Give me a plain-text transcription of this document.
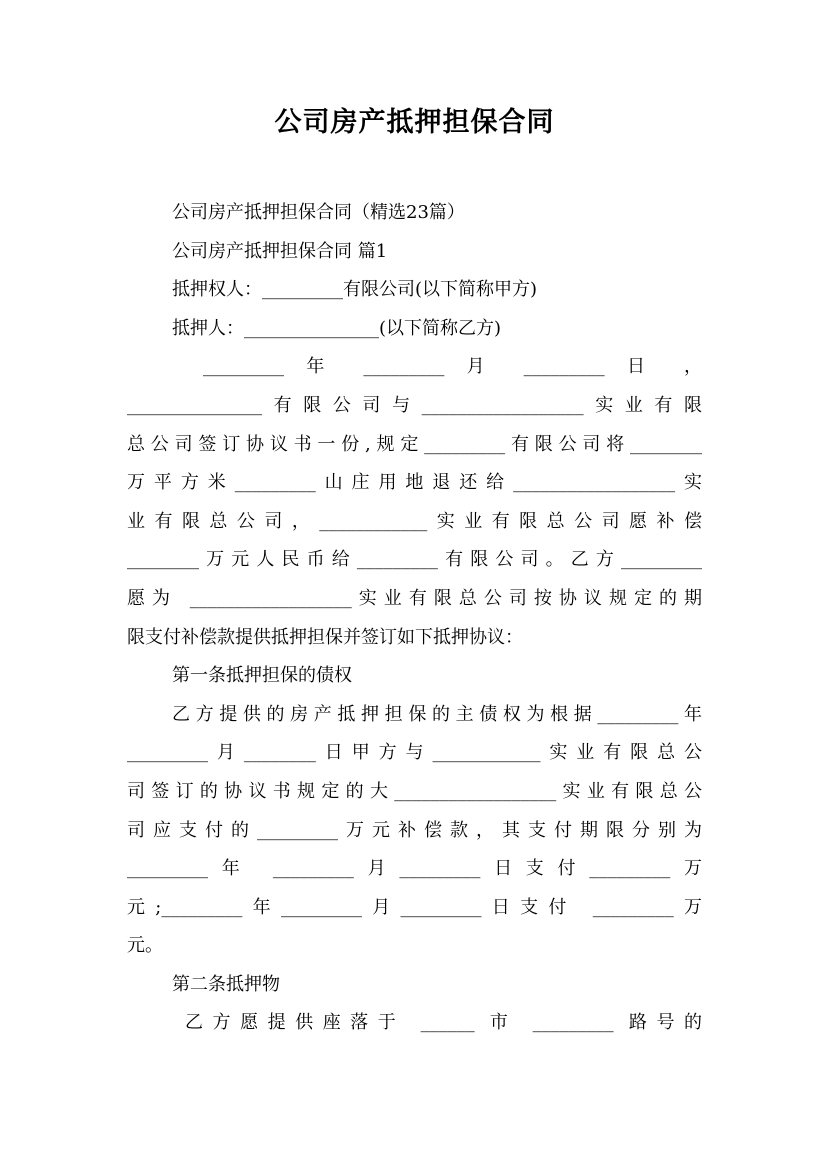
公司房产抵押担保合同
公司房产抵押担保合同（精选23篇）
公司房产抵押担保合同 篇1
抵押权人：_________有限公司(以下简称甲方)
抵押人：_______________(以下简称乙方)
_________ 年 _________ 月 _________ 日 ，
_______________有限公司与__________________实业有限
总公司签订协议书一份,规定_________有限公司将________
万平方米_________山庄用地退还给__________________实
业有限总公司，____________实业有限总公司愿补偿
________万元人民币给_________有限公司。乙方_________
愿为 __________________实业有限总公司按协议规定的期
限支付补偿款提供抵押担保并签订如下抵押协议：
第一条抵押担保的债权
乙方提供的房产抵押担保的主债权为根据_________年
_________月________日甲方与____________实业有限总公
司签订的协议书规定的大__________________实业有限总公
司应支付的_________万元补偿款，其支付期限分别为
_________年 _________月_________日支付_________万
元;_________年_________月_________日支付 _________万
元。
第二条抵押物
乙方愿提供座落于 ______ 市 _________ 路号的
